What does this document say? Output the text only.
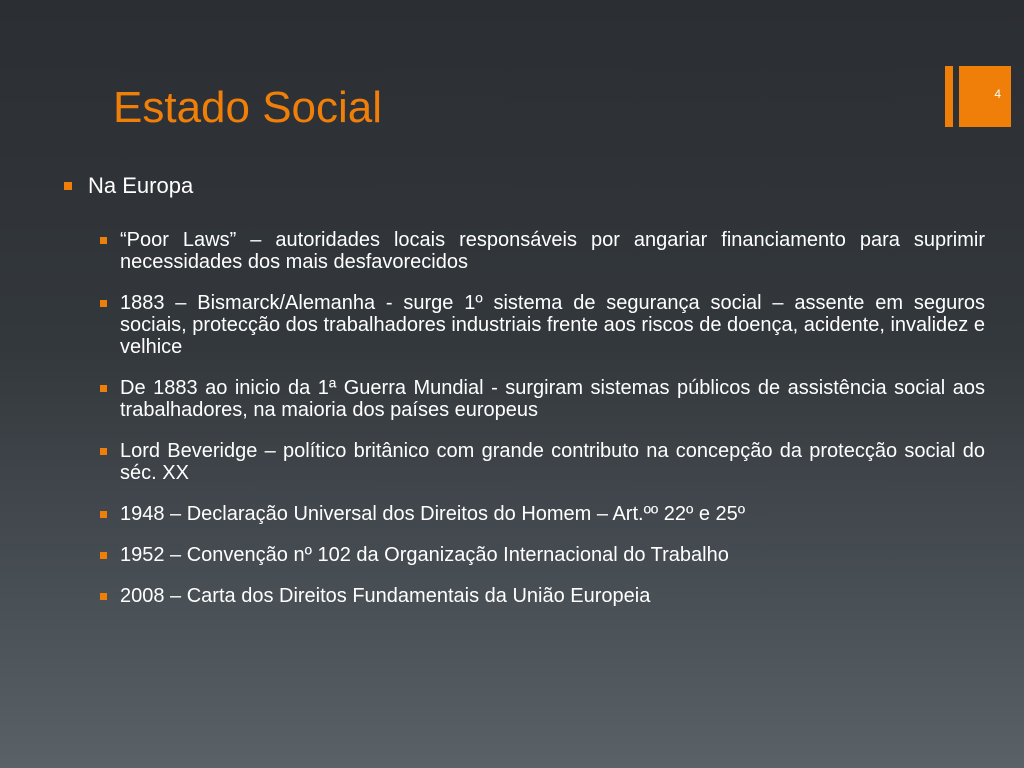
4
Estado Social
Na Europa
“Poor Laws” – autoridades locais responsáveis por angariar financiamento para suprimir necessidades dos mais desfavorecidos
1883 – Bismarck/Alemanha - surge 1º sistema de segurança social – assente em seguros sociais, protecção dos trabalhadores industriais frente aos riscos de doença, acidente, invalidez e velhice
De 1883 ao inicio da 1ª Guerra Mundial - surgiram sistemas públicos de assistência social aos trabalhadores, na maioria dos países europeus
Lord Beveridge – político britânico com grande contributo na concepção da protecção social do séc. XX
1948 – Declaração Universal dos Direitos do Homem – Art.ºº 22º e 25º
1952 – Convenção nº 102 da Organização Internacional do Trabalho
2008 – Carta dos Direitos Fundamentais da União Europeia
